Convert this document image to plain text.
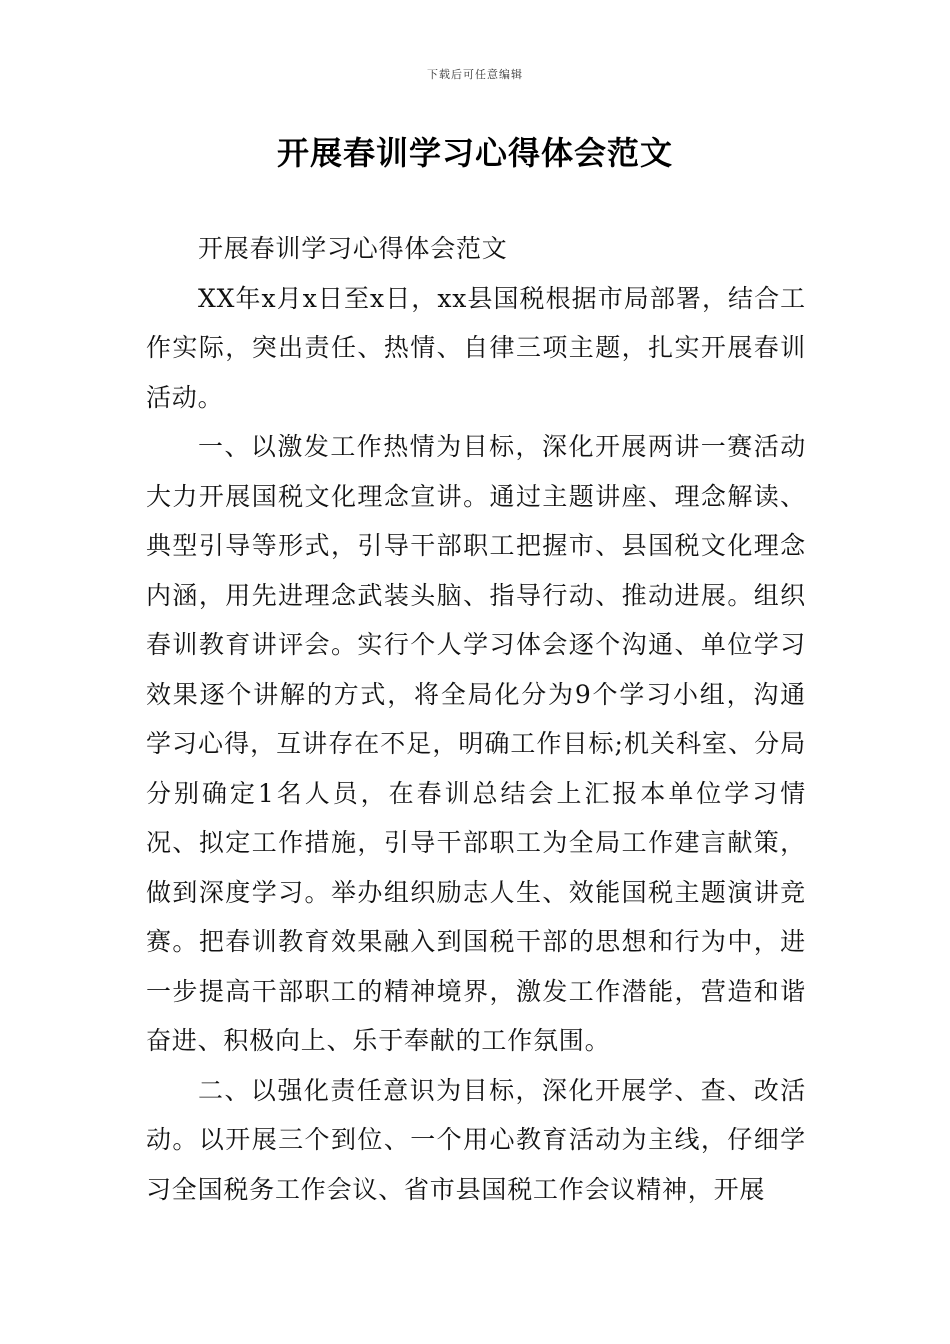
下载后可任意编辑
开展春训学习心得体会范文

开展春训学习心得体会范文

XX年x月x日至x日，xx县国税根据市局部署，结合工作实际，突出责任、热情、自律三项主题，扎实开展春训活动。

一、以激发工作热情为目标，深化开展两讲一赛活动大力开展国税文化理念宣讲。通过主题讲座、理念解读、典型引导等形式，引导干部职工把握市、县国税文化理念内涵，用先进理念武装头脑、指导行动、推动进展。组织春训教育讲评会。实行个人学习体会逐个沟通、单位学习效果逐个讲解的方式，将全局化分为9个学习小组，沟通学习心得，互讲存在不足，明确工作目标;机关科室、分局分别确定1名人员，在春训总结会上汇报本单位学习情况、拟定工作措施，引导干部职工为全局工作建言献策，做到深度学习。举办组织励志人生、效能国税主题演讲竞赛。把春训教育效果融入到国税干部的思想和行为中，进一步提高干部职工的精神境界，激发工作潜能，营造和谐奋进、积极向上、乐于奉献的工作氛围。

二、以强化责任意识为目标，深化开展学、查、改活动。以开展三个到位、一个用心教育活动为主线，仔细学习全国税务工作会议、省市县国税工作会议精神，开展
